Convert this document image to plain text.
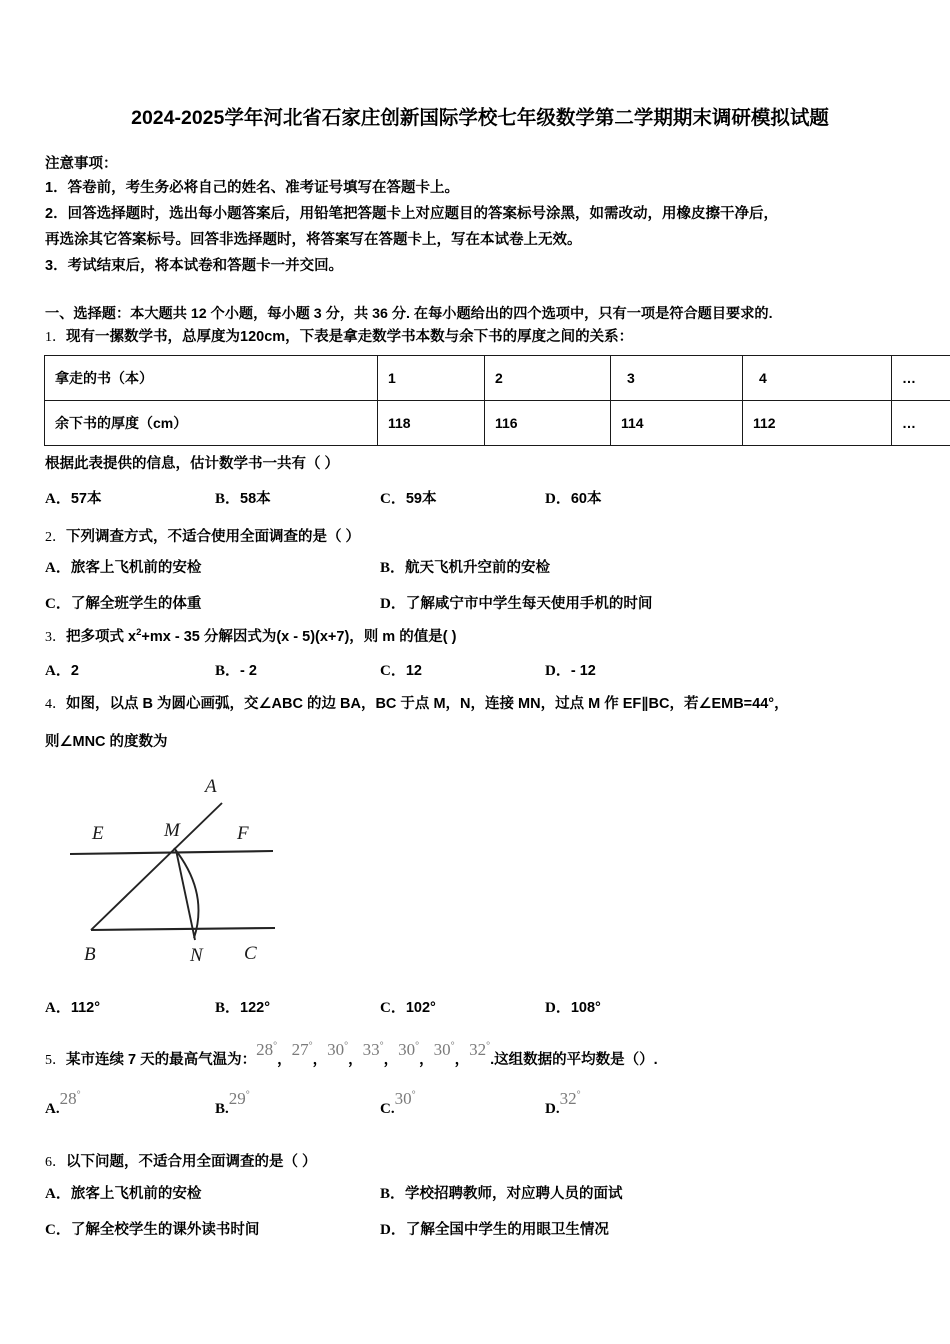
2024-2025学年河北省石家庄创新国际学校七年级数学第二学期期末调研模拟试题
注意事项：
1．答卷前，考生务必将自己的姓名、准考证号填写在答题卡上。
2．回答选择题时，选出每小题答案后，用铅笔把答题卡上对应题目的答案标号涂黑，如需改动，用橡皮擦干净后，
再选涂其它答案标号。回答非选择题时，将答案写在答题卡上，写在本试卷上无效。
3．考试结束后，将本试卷和答题卡一并交回。
一、选择题：本大题共 12 个小题，每小题 3 分，共 36 分. 在每小题给出的四个选项中，只有一项是符合题目要求的.
1．现有一摞数学书，总厚度为120cm，下表是拿走数学书本数与余下书的厚度之间的关系：
拿走的书（本）	1	2	3	4	…
余下书的厚度（cm）	118	116	114	112	…
根据此表提供的信息，估计数学书一共有（ ）
A．57本	B．58本	C．59本	D．60本
2．下列调查方式，不适合使用全面调查的是（ ）
A．旅客上飞机前的安检	B．航天飞机升空前的安检
C．了解全班学生的体重	D．了解咸宁市中学生每天使用手机的时间
3．把多项式 $x^2+mx - 35$ 分解因式为(x - 5)(x+7)，则 m 的值是( )
A．2	B．- 2	C．12	D．- 12
4．如图，以点 B 为圆心画弧，交∠ABC 的边 BA，BC 于点 M，N，连接 MN，过点 M 作 EF∥BC，若∠EMB=44°，
则∠MNC 的度数为
A
E	M	F
B	N C
A．112°	B．122°	C．102°	D．108°
5．某市连续 7 天的最高气温为：28°，27°，30°，33°，30°，30°，32°.这组数据的平均数是（）.
A.28°
B.29°
C.30°
D.32°
6．以下问题，不适合用全面调查的是（ ）
A．旅客上飞机前的安检	B．学校招聘教师，对应聘人员的面试
C．了解全校学生的课外读书时间	D．了解全国中学生的用眼卫生情况
